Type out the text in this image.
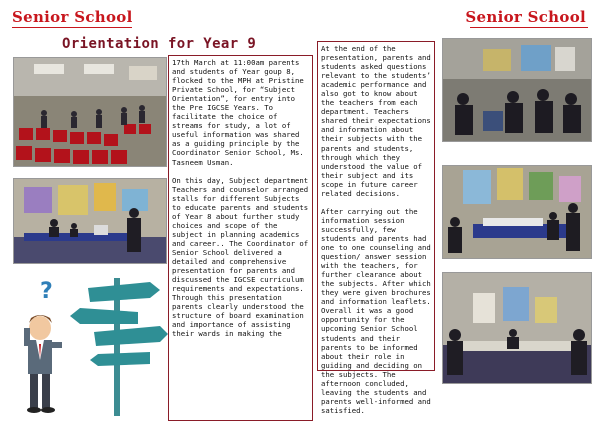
Senior School	Senior School
Orientation for Year 9
?

17th March at 11:00am parents and students of Year goup 8, flocked to the MPH at Pristine Private School, for “Subject Orientation”, for entry into the Pre IGCSE Years. To facilitate the choice of streams for study, a lot of useful information was shared as a guiding principle by the Coordinator Senior School, Ms. Tasneem Usman.

On this day, Subject department Teachers and counselor arranged stalls for different Subjects to educate parents and students of Year 8 about further study choices and scope of the subject in planning academics and career.. The Coordinator of Senior School delivered a detailed and comprehensive presentation for parents and discussed the IGCSE curriculum requirements and expectations. Through this presentation parents clearly understood the structure of board examination and importance of assisting their wards in making the

At the end of the presentation, parents and students asked questions relevant to the students’ academic performance and also got to know about the teachers from each department. Teachers shared their expectations and information about their subjects with the parents and students, through which they understood the value of their subject and its scope in future career related decisions.

After carrying out the information session successfully, few students and parents had one to one counseling and question/ answer session with the teachers, for further clearance about the subjects. After which they were given brochures and information leaflets.
Overall it was a good opportunity for the upcoming Senior School students and their parents to be informed about their role in guiding and deciding on the subjects. The afternoon concluded, leaving the students and parents well-informed and satisfied.
